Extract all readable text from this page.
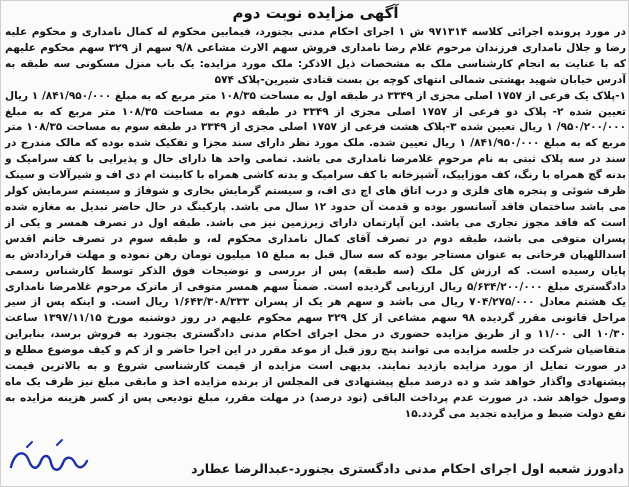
آگهی مزایده نوبت دوم

در مورد پرونده اجرائی کلاسه ۹۷۱۳۱۴ ش ۱ اجرای احکام مدنی بجنورد، فیمابین محکوم له کمال نامداری و محکوم علیه رضا و جلال نامداری فرزندان مرحوم غلام رضا نامداری فروش سهم الارث مشاعی ۹/۸ سهم از ۳۲۹ سهم محکوم علیهم که با عنایت به انجام کارشناسی ملک به مشخصات ذیل الاذکر: ملک مورد مزایده: یک باب منزل مسکونی سه طبقه به آدرس خیابان شهید بهشتی شمالی انتهای کوچه بن بست قنادی شیرین-پلاک ۵۷۴

۱-پلاک یک فرعی از ۱۷۵۷ اصلی مجزی از ۳۳۴۹ در طبقه اول به مساحت ۱۰۸/۳۵ متر مربع که به مبلغ ۸۴۱/۹۵۰/۰۰۰/ ۱ ریال تعیین شده ۲- پلاک دو فرعی از ۱۷۵۷ اصلی مجزی از ۳۳۴۹ در طبقه دوم به مساحت ۱۰۸/۳۵ متر مربع که به مبلغ ۹۵۰/۲۰۰/۰۰۰/ ۱ ریال تعیین شده ۳-پلاک هشت فرعی از ۱۷۵۷ اصلی مجزی از ۳۳۴۹ در طبقه سوم به مساحت ۱۰۸/۳۵ متر مربع که به مبلغ ۸۴۱/۹۵۰/۰۰۰/ ۱ ریال تعیین شده. ملک مورد نظر دارای سند مجزا و تفکیک شده بوده که مالک مندرج در سند در سه پلاک ثبتی به نام مرحوم غلامرضا نامداری می باشد. تمامی واحد ها دارای حال و پذیرایی با کف سرامیک و بدنه گچ همراه با رنگ، کف موزاییک، آشپزخانه با کف سرامیک و بدنه کاشی همراه با کابینت ام دی اف و شیرآلات و سینک ظرف شوئی و پنجره های فلزی و درب اتاق های اچ دی اف، و سیستم گرمایش بخاری و شوفاژ و سیستم سرمایش کولر می باشد ساختمان فاقد آسانسور بوده و قدمت آن حدود ۱۲ سال می باشد. پارکینگ در حال حاضر تبدیل به مغازه شده است که فاقد مجوز تجاری می باشد. این آپارتمان دارای زیرزمین نیز می باشد. طبقه اول در تصرف همسر و یکی از پسران متوفی می باشد، طبقه دوم در تصرف آقای کمال نامداری محکوم له، و طبقه سوم در تصرف خانم اقدس اسداللهیان فرخانی به عنوان مستاجر بوده که سه سال قبل به مبلغ ۱۵ میلیون تومان رهن نموده و مهلت قراردادش به پایان رسیده است. که ارزش کل ملک (سه طبقه) پس از بررسی و توضیحات فوق الذکر توسط کارشناس رسمی دادگستری مبلغ ۵/۶۳۴/۲۰۰/۰۰۰ ریال ارزیابی گردیده است. ضمناً سهم همسر متوفی از ماترک مرحوم غلامرضا نامداری یک هشتم معادل ۷۰۴/۲۷۵/۰۰۰ ریال می باشد و سهم هر یک از پسران ۱/۶۴۳/۳۰۸/۳۳۳ ریال است. و اینکه پس از سیر مراحل قانونی مقرر گردیده ۹۸ سهم مشاعی از کل ۳۲۹ سهم محکوم علیهم در روز دوشنبه مورخ ۱۳۹۷/۱۱/۱۵ ساعت ۱۰/۳۰ الی ۱۱/۰۰ و از طریق مزایده حضوری در محل اجرای احکام مدنی دادگستری بجنورد به فروش برسد، بنابراین متقاضیان شرکت در جلسه مزایده می توانند پنج روز قبل از موعد مقرر در این اجرا حاضر و از کم و کیف موضوع مطلع و در صورت تمایل از مورد مزایده بازدید نمایند. بدیهی است مزایده از قیمت کارشناسی شروع و به بالاترین قیمت پیشنهادی واگذار خواهد شد و ده درصد مبلغ پیشنهادی فی المجلس از برنده مزایده اخذ و مابقی مبلغ نیز ظرف یک ماه وصول خواهد شد. در صورت عدم پرداخت الباقی (نود درصد) در مهلت مقرر، مبلغ تودیعی پس از کسر هزینه مزایده به نفع دولت ضبط و مزایده تجدید می گردد.۱۵

دادورز شعبه اول اجرای احکام مدنی دادگستری بجنورد-عبدالرضا عطارد
